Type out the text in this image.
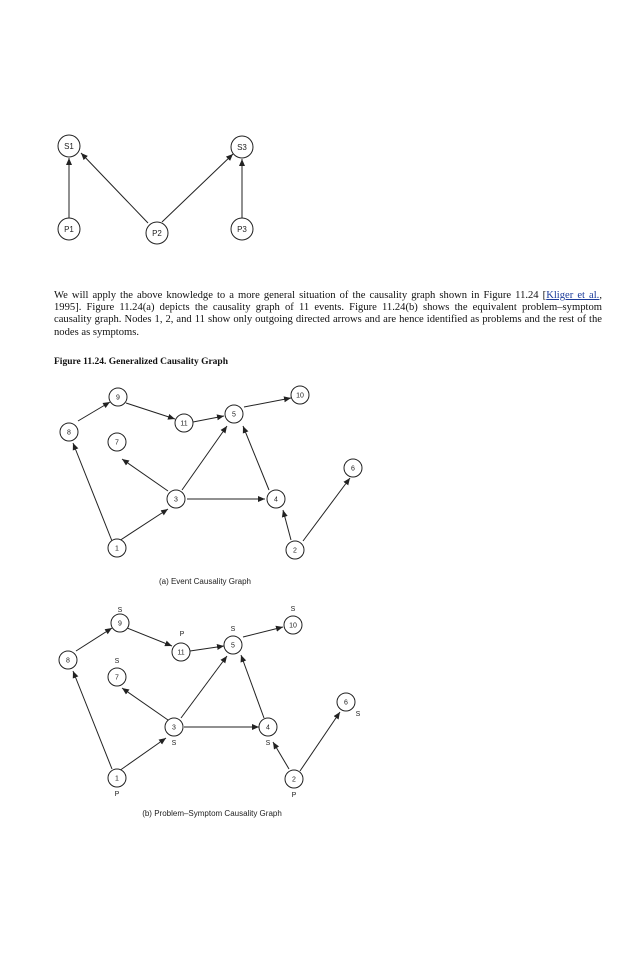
S1	S3
P1	P2	P3
9
11
5
10
8
7
6
3	4
1	2
(a) Event Causality Graph
9
11
5
10
8
7
6
3	4
1	2
S
P
S
S
S
S
S	S
P	P
(b) Problem–Symptom Causality Graph
We will apply the above knowledge to a more general situation of the causality graph shown in Figure 11.24 [Kliger et al., 1995]. Figure 11.24(a) depicts the causality graph of 11 events. Figure 11.24(b) shows the equivalent problem–symptom causality graph. Nodes 1, 2, and 11 show only outgoing directed arrows and are hence identified as problems and the rest of the nodes as symptoms.
Figure 11.24. Generalized Causality Graph
